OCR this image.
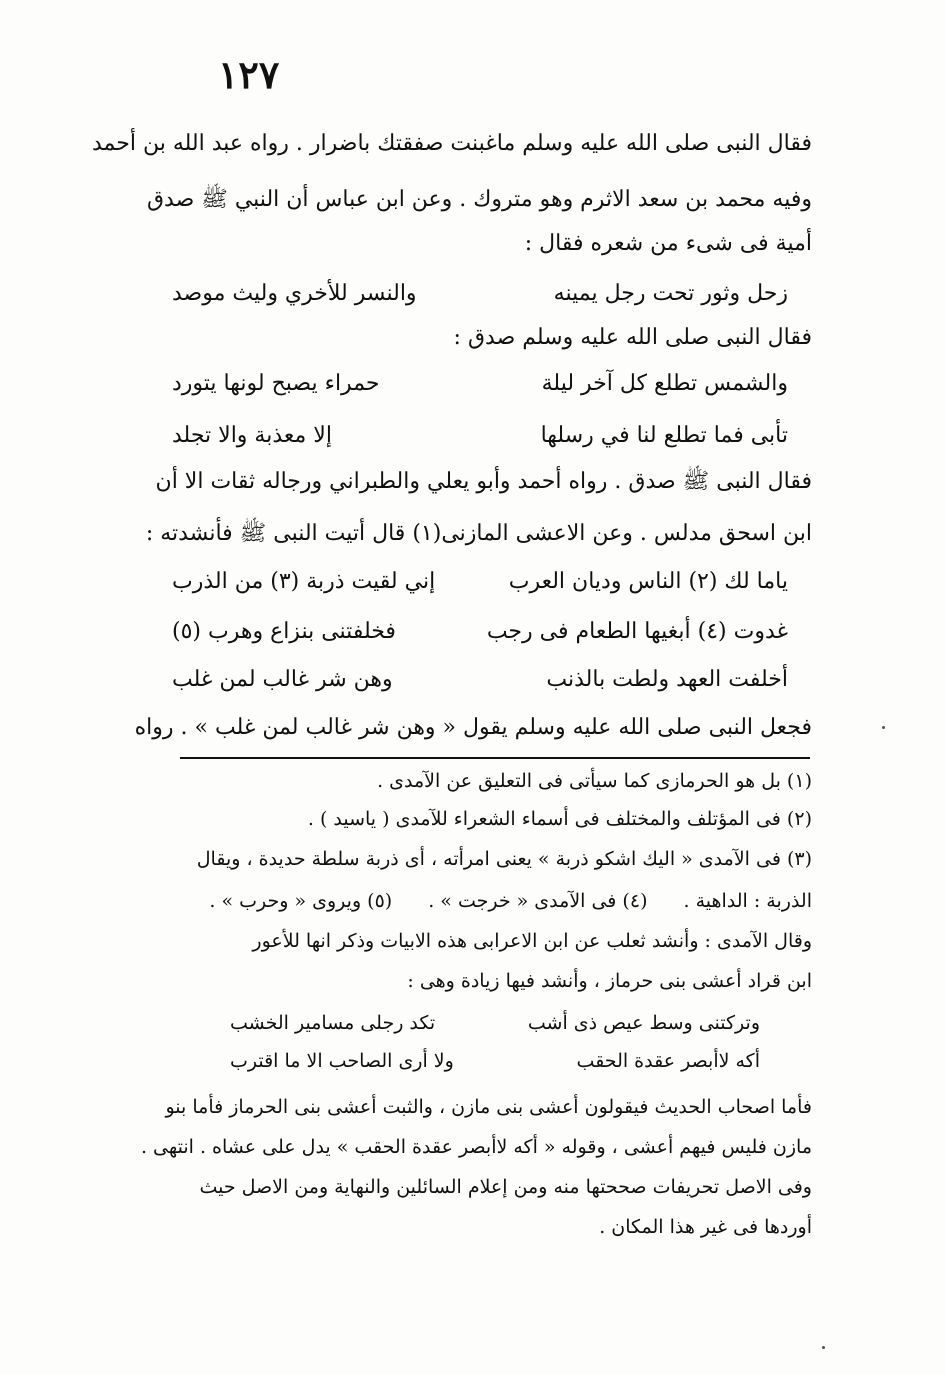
١٢٧
فقال النبى صلى الله عليه وسلم ماغبنت صفقتك باضرار . رواه عبد الله بن أحمد
وفيه محمد بن سعد الاثرم وهو متروك . وعن ابن عباس أن النبي ﷺ صدق
أمية فى شىء من شعره فقال :
زحل وثور تحت رجل يمينه
والنسر للأخري وليث موصد
فقال النبى صلى الله عليه وسلم صدق :
والشمس تطلع كل آخر ليلة
حمراء يصبح لونها يتورد
تأبى فما تطلع لنا في رسلها
إلا معذبة والا تجلد
فقال النبى ﷺ صدق . رواه أحمد وأبو يعلي والطبراني ورجاله ثقات الا أن
ابن اسحق مدلس . وعن الاعشى المازنى(١) قال أتيت النبى ﷺ فأنشدته :
ياما لك (٢) الناس وديان العرب
إني لقيت ذربة (٣) من الذرب
غدوت (٤) أبغيها الطعام فى رجب
فخلفتنى بنزاع وهرب (٥)
أخلفت العهد ولطت بالذنب
وهن شر غالب لمن غلب
فجعل النبى صلى الله عليه وسلم يقول « وهن شر غالب لمن غلب » . رواه
(١) بل هو الحرمازى كما سيأتى فى التعليق عن الآمدى .
(٢) فى المؤتلف والمختلف فى أسماء الشعراء للآمدى ( ياسيد ) .
(٣) فى الآمدى « اليك اشكو ذربة » يعنى امرأته ، أى ذربة سلطة حديدة ، ويقال
الذربة : الداهية .
(٤) فى الآمدى « خرجت » .
(٥) ويروى « وحرب » .
وقال الآمدى : وأنشد ثعلب عن ابن الاعرابى هذه الابيات وذكر انها للأعور
ابن قراد أعشى بنى حرماز ، وأنشد فيها زيادة وهى :
وتركتنى وسط عيص ذى أشب
تكد رجلى مسامير الخشب
أكه لاأبصر عقدة الحقب
ولا أرى الصاحب الا ما اقترب
فأما اصحاب الحديث فيقولون أعشى بنى مازن ، والثبت أعشى بنى الحرماز فأما بنو
مازن فليس فيهم أعشى ، وقوله « أكه لاأبصر عقدة الحقب » يدل على عشاه . انتهى .
وفى الاصل تحريفات صححتها منه ومن إعلام السائلين والنهاية ومن الاصل حيث
أوردها فى غير هذا المكان .
